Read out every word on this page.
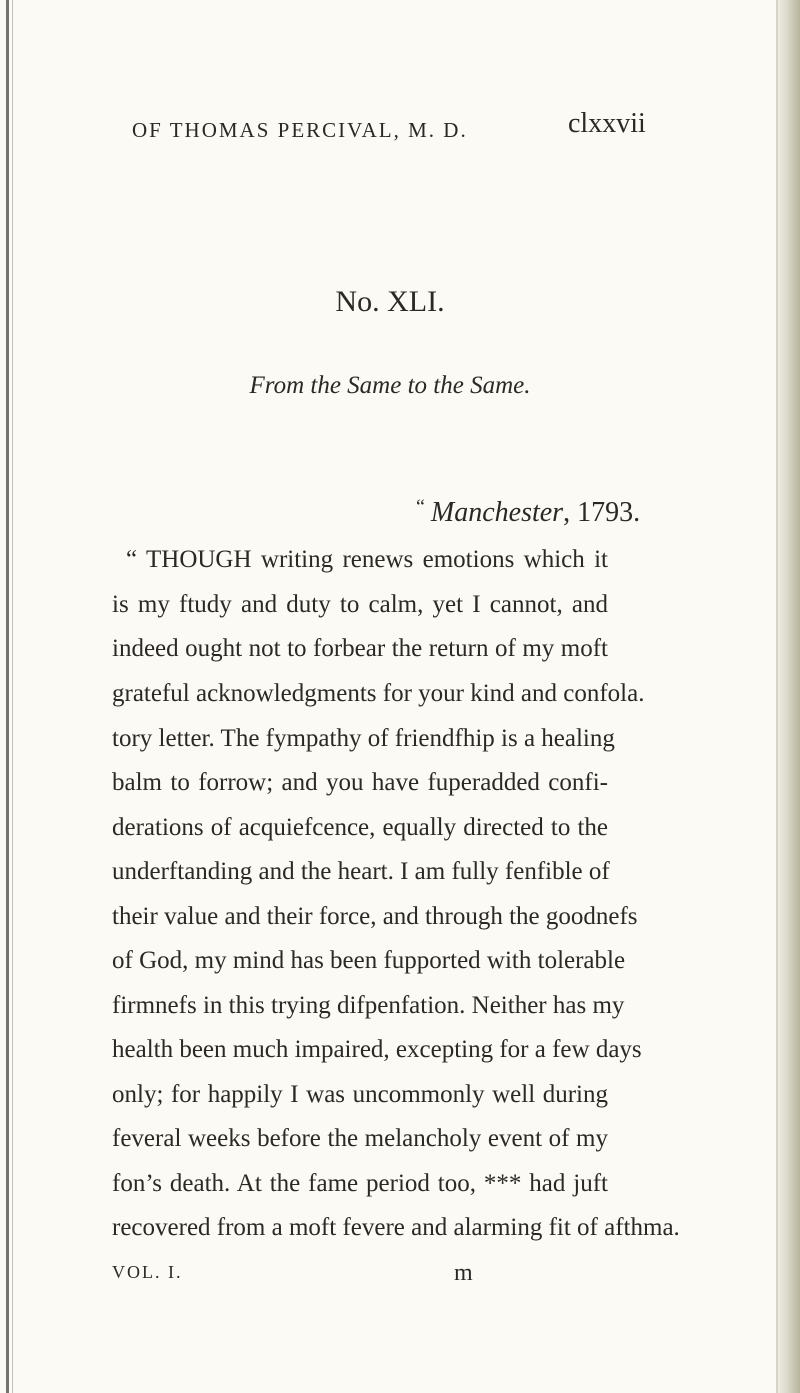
OF THOMAS PERCIVAL, M. D.	clxxvii
No. XLI.
From the Same to the Same.
“ Manchester, 1793.
“ THOUGH writing renews emotions which it
is my ftudy and duty to calm, yet I cannot, and
indeed ought not to forbear the return of my moft
grateful acknowledgments for your kind and confola.
tory letter. The fympathy of friendfhip is a healing
balm to forrow; and you have fuperadded confi-
derations of acquiefcence, equally directed to the
underftanding and the heart. I am fully fenfible of
their value and their force, and through the goodnefs
of God, my mind has been fupported with tolerable
firmnefs in this trying difpenfation. Neither has my
health been much impaired, excepting for a few days
only; for happily I was uncommonly well during
feveral weeks before the melancholy event of my
fon’s death. At the fame period too, *** had juft
recovered from a moft fevere and alarming fit of afthma.
VOL. I.	m
